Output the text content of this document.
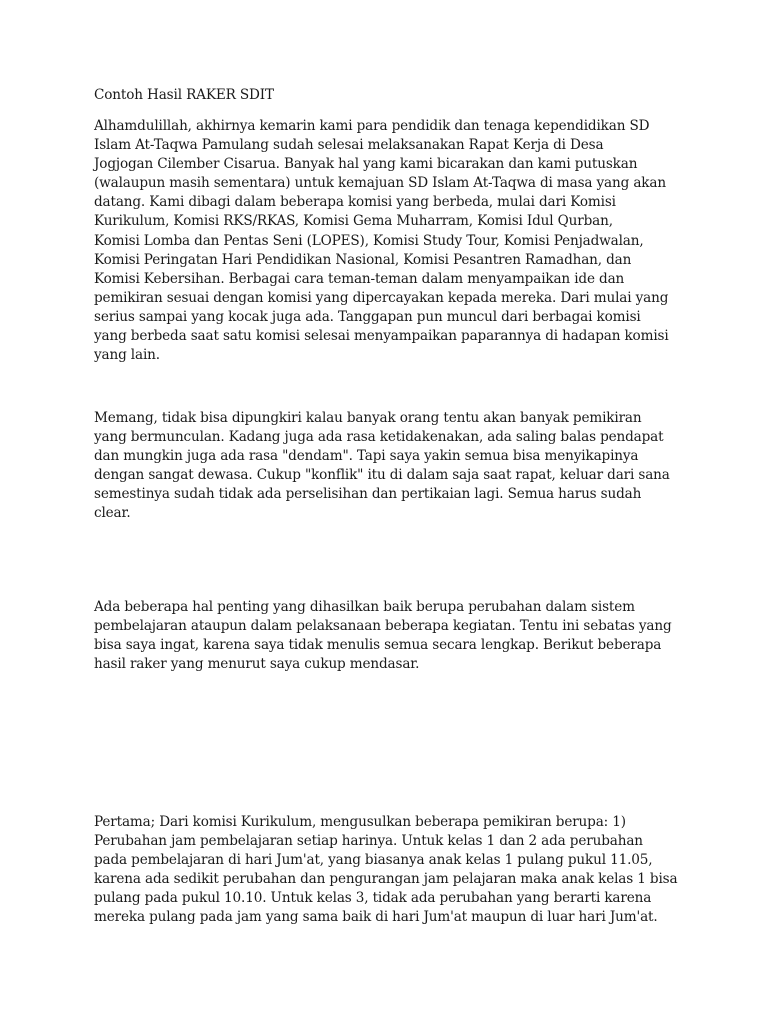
Contoh Hasil RAKER SDIT
Alhamdulillah, akhirnya kemarin kami para pendidik dan tenaga kependidikan SD
Islam At-Taqwa Pamulang sudah selesai melaksanakan Rapat Kerja di Desa
Jogjogan Cilember Cisarua. Banyak hal yang kami bicarakan dan kami putuskan
(walaupun masih sementara) untuk kemajuan SD Islam At-Taqwa di masa yang akan
datang. Kami dibagi dalam beberapa komisi yang berbeda, mulai dari Komisi
Kurikulum, Komisi RKS/RKAS, Komisi Gema Muharram, Komisi Idul Qurban,
Komisi Lomba dan Pentas Seni (LOPES), Komisi Study Tour, Komisi Penjadwalan,
Komisi Peringatan Hari Pendidikan Nasional, Komisi Pesantren Ramadhan, dan
Komisi Kebersihan. Berbagai cara teman-teman dalam menyampaikan ide dan
pemikiran sesuai dengan komisi yang dipercayakan kepada mereka. Dari mulai yang
serius sampai yang kocak juga ada. Tanggapan pun muncul dari berbagai komisi
yang berbeda saat satu komisi selesai menyampaikan paparannya di hadapan komisi
yang lain.
Memang, tidak bisa dipungkiri kalau banyak orang tentu akan banyak pemikiran
yang bermunculan. Kadang juga ada rasa ketidakenakan, ada saling balas pendapat
dan mungkin juga ada rasa "dendam". Tapi saya yakin semua bisa menyikapinya
dengan sangat dewasa. Cukup "konflik" itu di dalam saja saat rapat, keluar dari sana
semestinya sudah tidak ada perselisihan dan pertikaian lagi. Semua harus sudah
clear.
Ada beberapa hal penting yang dihasilkan baik berupa perubahan dalam sistem
pembelajaran ataupun dalam pelaksanaan beberapa kegiatan. Tentu ini sebatas yang
bisa saya ingat, karena saya tidak menulis semua secara lengkap. Berikut beberapa
hasil raker yang menurut saya cukup mendasar.
Pertama; Dari komisi Kurikulum, mengusulkan beberapa pemikiran berupa: 1)
Perubahan jam pembelajaran setiap harinya. Untuk kelas 1 dan 2 ada perubahan
pada pembelajaran di hari Jum'at, yang biasanya anak kelas 1 pulang pukul 11.05,
karena ada sedikit perubahan dan pengurangan jam pelajaran maka anak kelas 1 bisa
pulang pada pukul 10.10. Untuk kelas 3, tidak ada perubahan yang berarti karena
mereka pulang pada jam yang sama baik di hari Jum'at maupun di luar hari Jum'at.
